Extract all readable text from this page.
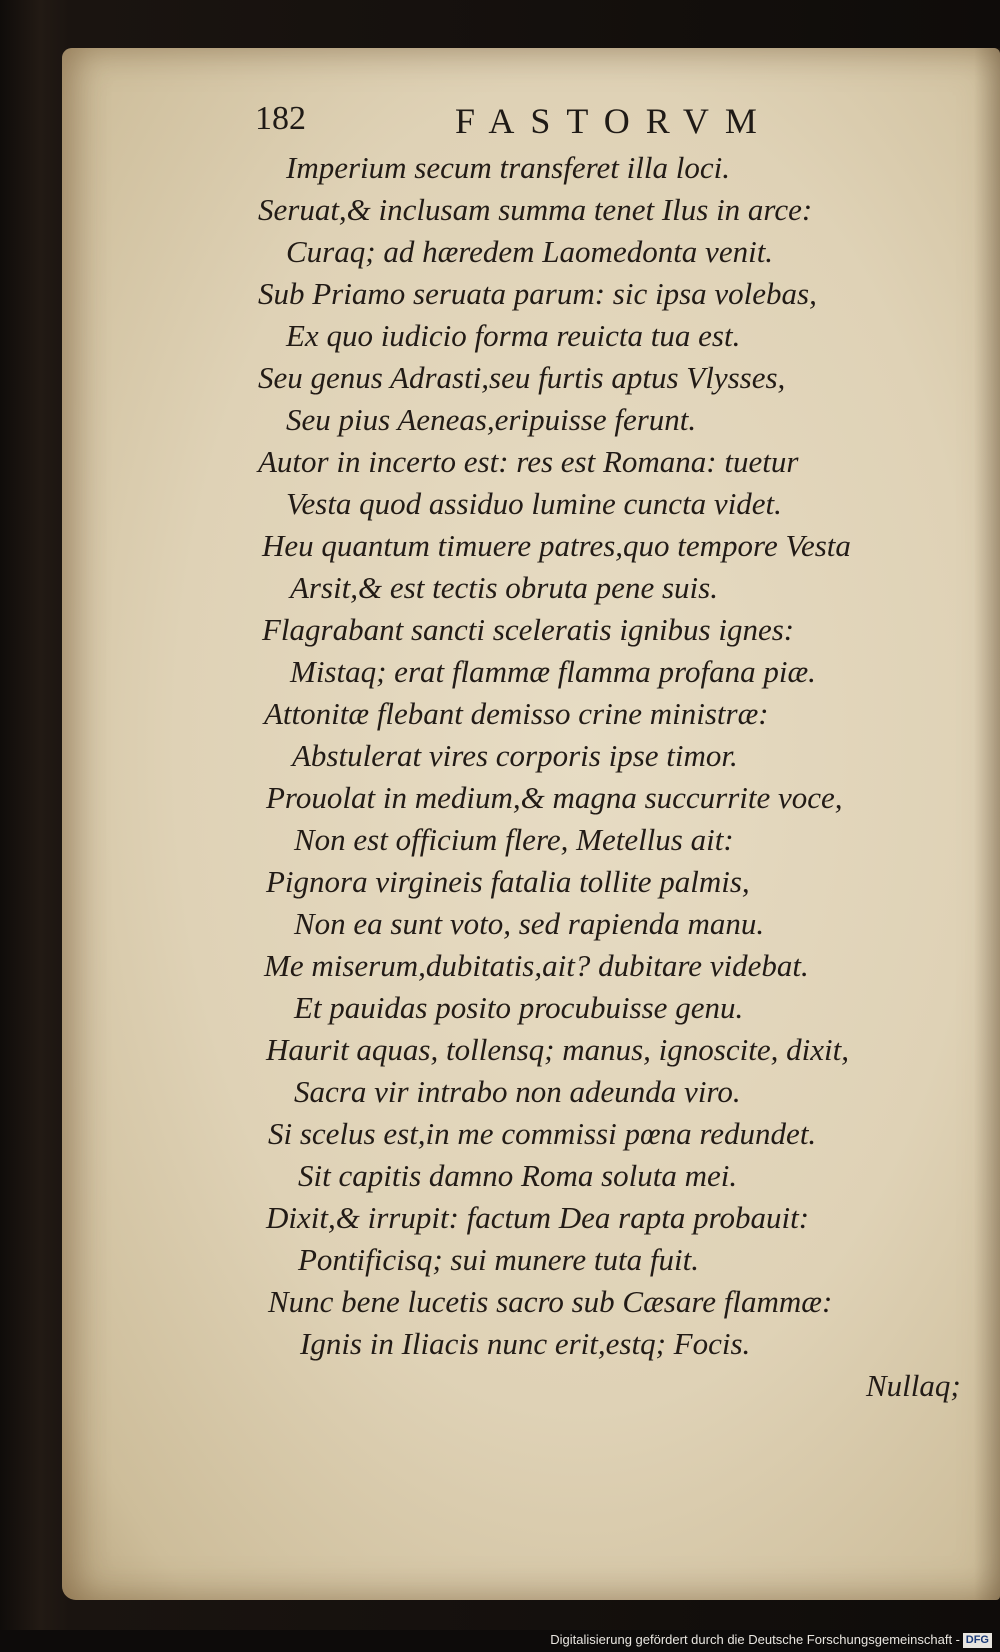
182	FASTORVM
Imperium secum transferet illa loci.
Seruat,& inclusam summa tenet Ilus in arce:
Curaq; ad hæredem Laomedonta venit.
Sub Priamo seruata parum: sic ipsa volebas,
Ex quo iudicio forma reuicta tua est.
Seu genus Adrasti,seu furtis aptus Vlysses,
Seu pius Aeneas,eripuisse ferunt.
Autor in incerto est: res est Romana: tuetur
Vesta quod assiduo lumine cuncta videt.
Heu quantum timuere patres,quo tempore Vesta
Arsit,& est tectis obruta pene suis.
Flagrabant sancti sceleratis ignibus ignes:
Mistaq; erat flammæ flamma profana piæ.
Attonitæ flebant demisso crine ministræ:
Abstulerat vires corporis ipse timor.
Prouolat in medium,& magna succurrite voce,
Non est officium flere, Metellus ait:
Pignora virgineis fatalia tollite palmis,
Non ea sunt voto, sed rapienda manu.
Me miserum,dubitatis,ait? dubitare videbat.
Et pauidas posito procubuisse genu.
Haurit aquas, tollensq; manus, ignoscite, dixit,
Sacra vir intrabo non adeunda viro.
Si scelus est,in me commissi pœna redundet.
Sit capitis damno Roma soluta mei.
Dixit,& irrupit: factum Dea rapta probauit:
Pontificisq; sui munere tuta fuit.
Nunc bene lucetis sacro sub Cæsare flammæ:
Ignis in Iliacis nunc erit,estq; Focis.
Nullaq;
Digitalisierung gefördert durch die Deutsche Forschungsgemeinschaft - DFG
